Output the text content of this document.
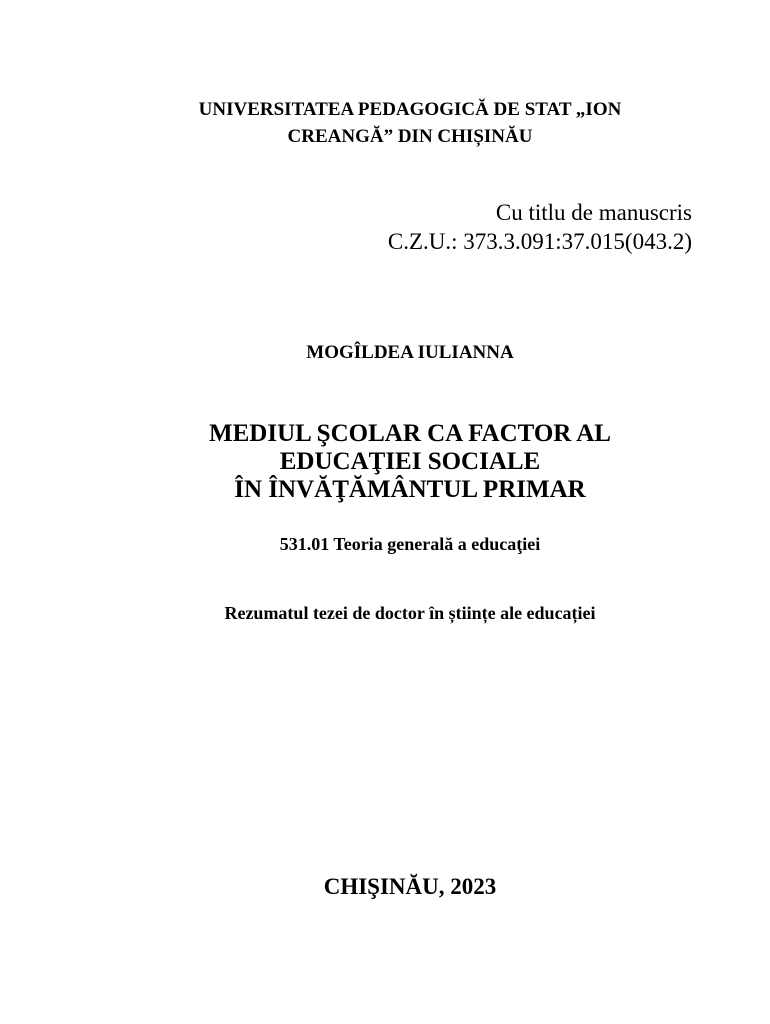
UNIVERSITATEA PEDAGOGICĂ DE STAT „ION
CREANGĂ” DIN CHIȘINĂU
Cu titlu de manuscris
C.Z.U.: 373.3.091:37.015(043.2)
MOGÎLDEA IULIANNA
MEDIUL ŞCOLAR CA FACTOR AL
EDUCAŢIEI SOCIALE
ÎN ÎNVĂŢĂMÂNTUL PRIMAR
531.01 Teoria generală a educaţiei
Rezumatul tezei de doctor în științe ale educației
CHIŞINĂU, 2023
